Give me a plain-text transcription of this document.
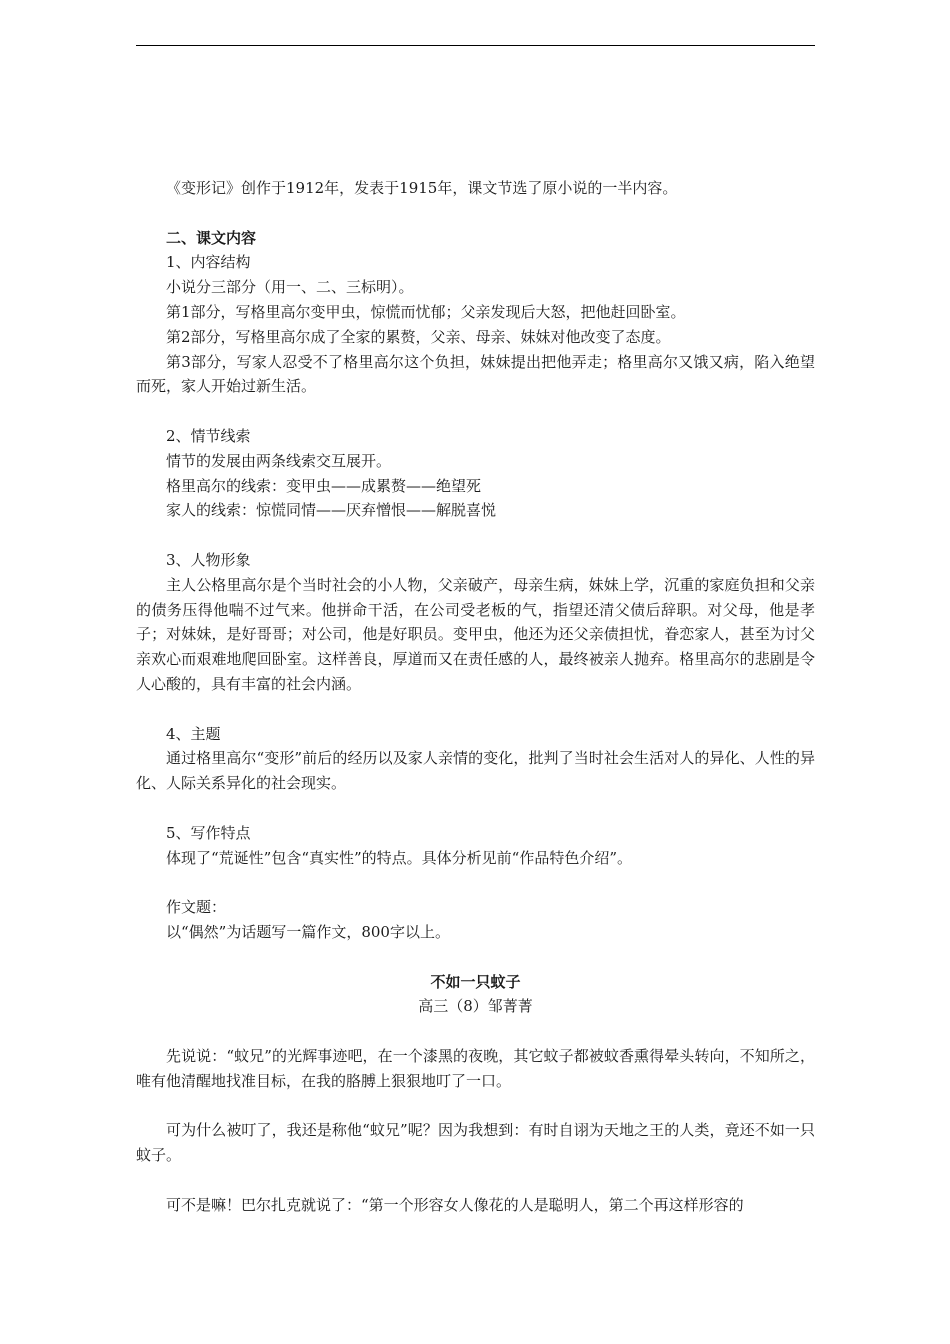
《变形记》创作于1912年，发表于1915年，课文节选了原小说的一半内容。

二、课文内容

1、内容结构

小说分三部分（用一、二、三标明）。

第1部分，写格里高尔变甲虫，惊慌而忧郁；父亲发现后大怒，把他赶回卧室。

第2部分，写格里高尔成了全家的累赘，父亲、母亲、妹妹对他改变了态度。

第3部分，写家人忍受不了格里高尔这个负担，妹妹提出把他弄走；格里高尔又饿又病，陷入绝望而死，家人开始过新生活。

2、情节线索

情节的发展由两条线索交互展开。

格里高尔的线索：变甲虫——成累赘——绝望死

家人的线索：惊慌同情——厌弃憎恨——解脱喜悦

3、人物形象

主人公格里高尔是个当时社会的小人物，父亲破产，母亲生病，妹妹上学，沉重的家庭负担和父亲的债务压得他喘不过气来。他拼命干活，在公司受老板的气，指望还清父债后辞职。对父母，他是孝子；对妹妹，是好哥哥；对公司，他是好职员。变甲虫，他还为还父亲债担忧，眷恋家人，甚至为讨父亲欢心而艰难地爬回卧室。这样善良，厚道而又在责任感的人，最终被亲人抛弃。格里高尔的悲剧是令人心酸的，具有丰富的社会内涵。

4、主题

通过格里高尔“变形”前后的经历以及家人亲情的变化，批判了当时社会生活对人的异化、人性的异化、人际关系异化的社会现实。

5、写作特点

体现了“荒诞性”包含“真实性”的特点。具体分析见前“作品特色介绍”。

作文题：

以“偶然”为话题写一篇作文，800字以上。

不如一只蚊子

高三（8）邹菁菁

先说说：“蚊兄”的光辉事迹吧，在一个漆黑的夜晚，其它蚊子都被蚊香熏得晕头转向，不知所之，唯有他清醒地找准目标，在我的胳膊上狠狠地叮了一口。

可为什么被叮了，我还是称他“蚊兄”呢？因为我想到：有时自诩为天地之王的人类，竟还不如一只蚊子。

可不是嘛！巴尔扎克就说了：“第一个形容女人像花的人是聪明人，第二个再这样形容的
